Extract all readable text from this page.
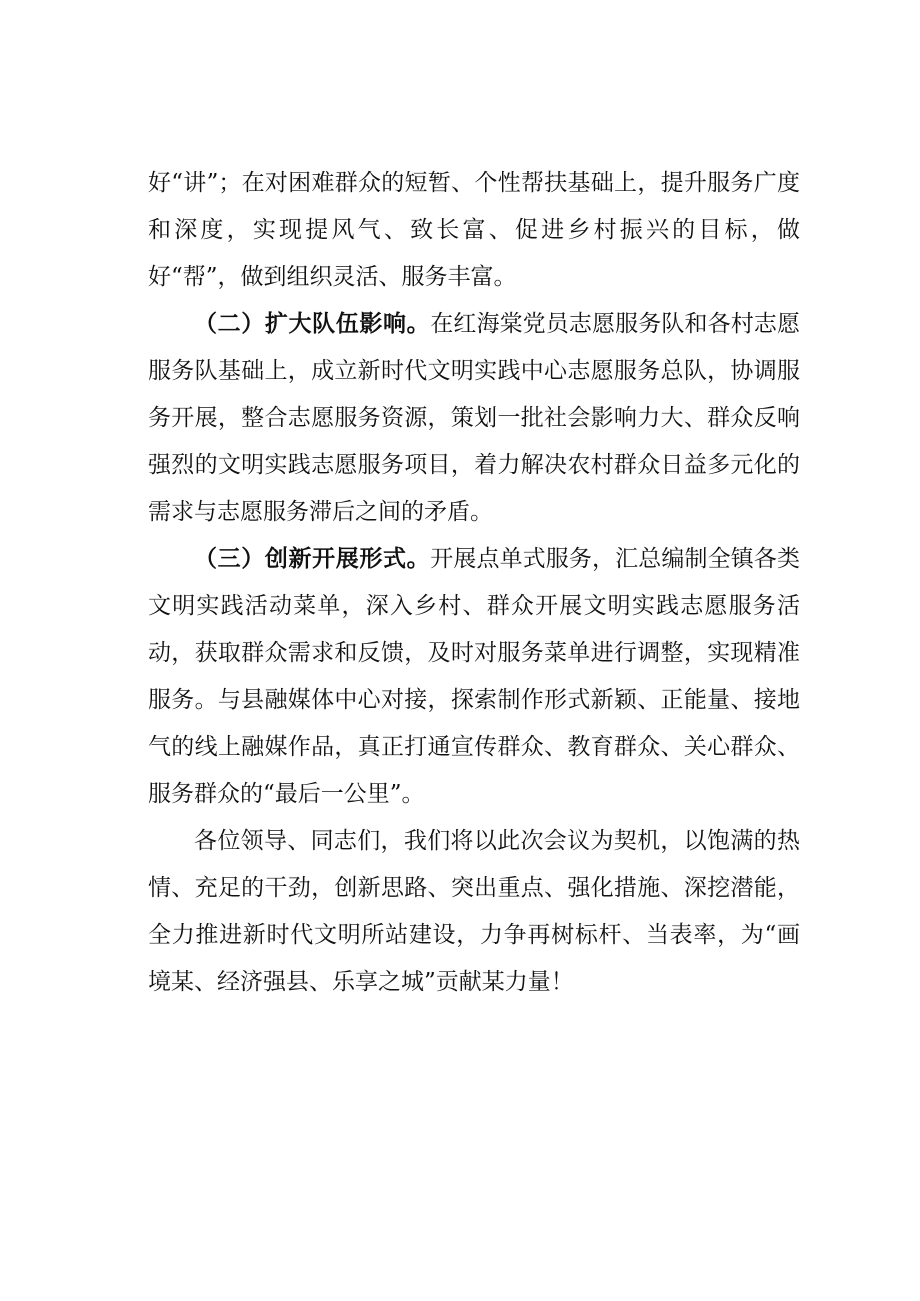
好“讲”；在对困难群众的短暂、个性帮扶基础上，提升服务广度和深度，实现提风气、致长富、促进乡村振兴的目标，做好“帮”，做到组织灵活、服务丰富。

（二）扩大队伍影响。在红海棠党员志愿服务队和各村志愿服务队基础上，成立新时代文明实践中心志愿服务总队，协调服务开展，整合志愿服务资源，策划一批社会影响力大、群众反响强烈的文明实践志愿服务项目，着力解决农村群众日益多元化的需求与志愿服务滞后之间的矛盾。

（三）创新开展形式。开展点单式服务，汇总编制全镇各类文明实践活动菜单，深入乡村、群众开展文明实践志愿服务活动，获取群众需求和反馈，及时对服务菜单进行调整，实现精准服务。与县融媒体中心对接，探索制作形式新颖、正能量、接地气的线上融媒作品，真正打通宣传群众、教育群众、关心群众、服务群众的“最后一公里”。

各位领导、同志们，我们将以此次会议为契机，以饱满的热情、充足的干劲，创新思路、突出重点、强化措施、深挖潜能，全力推进新时代文明所站建设，力争再树标杆、当表率，为“画境某、经济强县、乐享之城”贡献某力量！
